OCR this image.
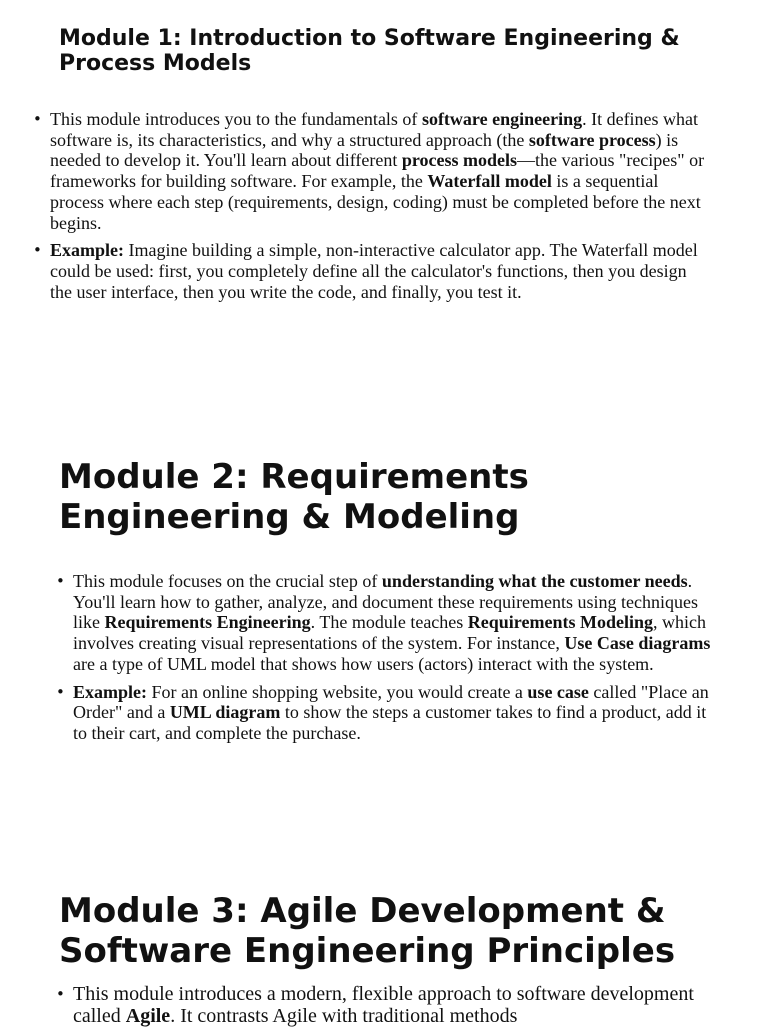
Module 1: Introduction to Software Engineering & Process Models
• This module introduces you to the fundamentals of software engineering. It defines what software is, its characteristics, and why a structured approach (the software process) is needed to develop it. You'll learn about different process models—the various "recipes" or frameworks for building software. For example, the Waterfall model is a sequential process where each step (requirements, design, coding) must be completed before the next begins.
• Example: Imagine building a simple, non-interactive calculator app. The Waterfall model could be used: first, you completely define all the calculator's functions, then you design the user interface, then you write the code, and finally, you test it.
Module 2: Requirements Engineering & Modeling
• This module focuses on the crucial step of understanding what the customer needs. You'll learn how to gather, analyze, and document these requirements using techniques like Requirements Engineering. The module teaches Requirements Modeling, which involves creating visual representations of the system. For instance, Use Case diagrams are a type of UML model that shows how users (actors) interact with the system.
• Example: For an online shopping website, you would create a use case called "Place an Order" and a UML diagram to show the steps a customer takes to find a product, add it to their cart, and complete the purchase.
Module 3: Agile Development & Software Engineering Principles
• This module introduces a modern, flexible approach to software development called Agile. It contrasts Agile with traditional methods
